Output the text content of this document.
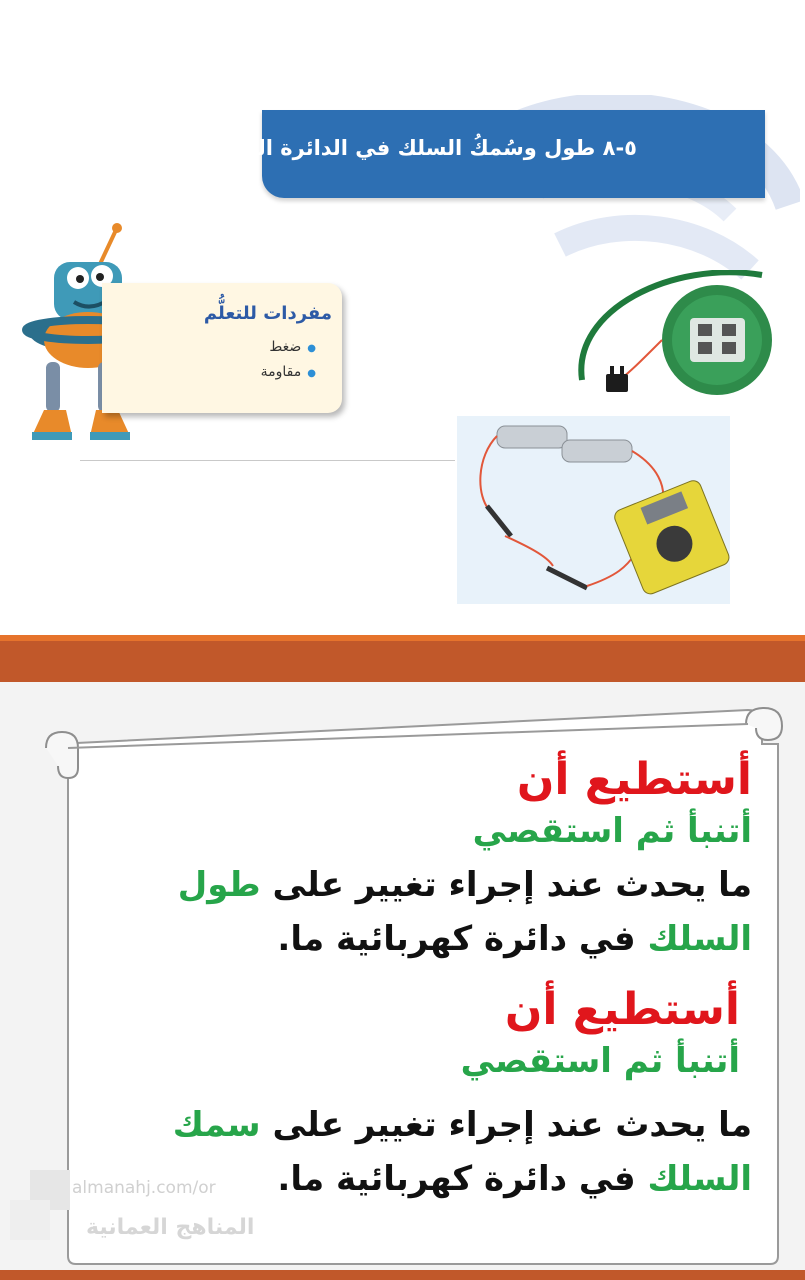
٥-٨ طول وسُمكُ السلك في الدائرة الكهربائية
مفردات للتعلُّم
● ضغط
● مقاومة
أستطيع أن
أتنبأ ثم استقصي
ما يحدث عند إجراء تغيير على طول
السلك في دائرة كهربائية ما.
أستطيع أن
أتنبأ ثم استقصي
ما يحدث عند إجراء تغيير على سمك
السلك في دائرة كهربائية ما.
almanahj.com/or
المناهج العمانية
